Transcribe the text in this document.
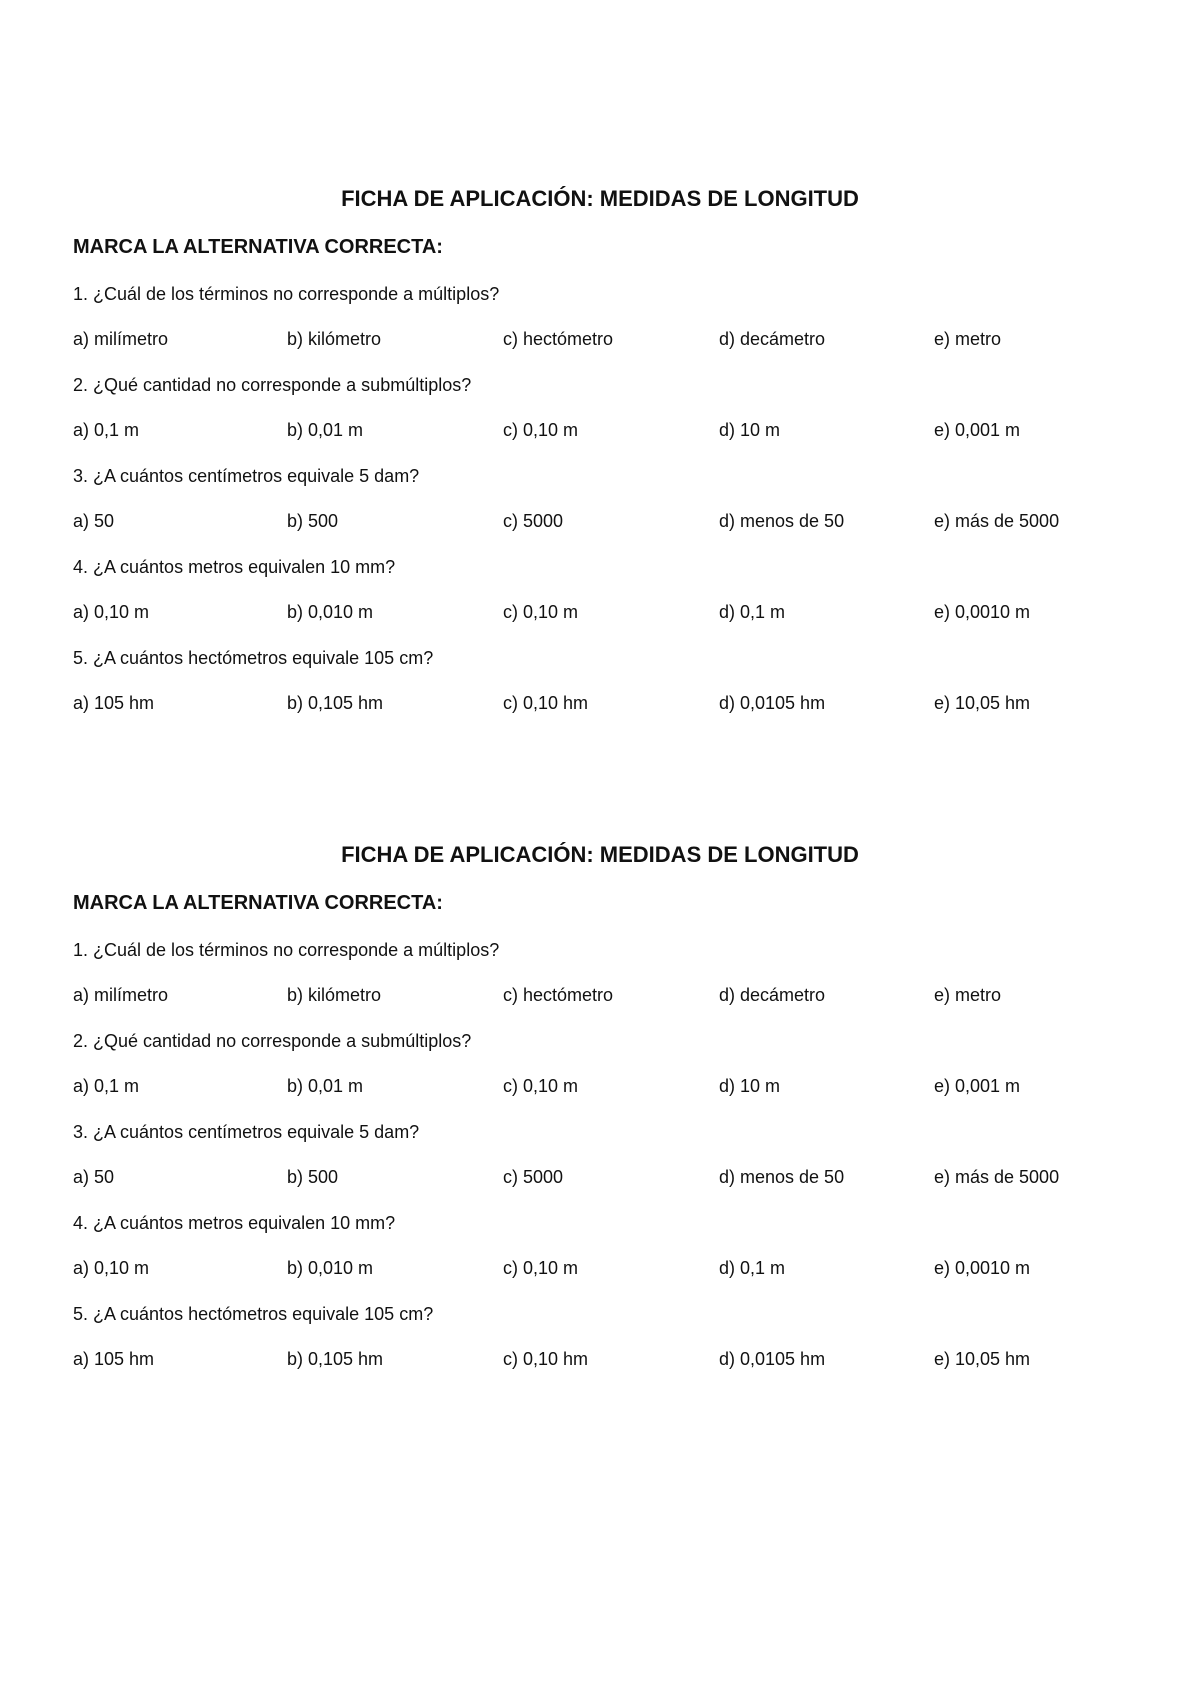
FICHA DE APLICACIÓN: MEDIDAS DE LONGITUD
MARCA LA ALTERNATIVA CORRECTA:
1. ¿Cuál de los términos no corresponde a múltiplos?
a) milímetro	b) kilómetro	c) hectómetro	d) decámetro	e) metro
2. ¿Qué cantidad no corresponde a submúltiplos?
a) 0,1 m	b) 0,01 m	c) 0,10 m	d) 10 m	e) 0,001 m
3. ¿A cuántos centímetros equivale 5 dam?
a) 50	b) 500	c) 5000	d) menos de 50	e) más de 5000
4. ¿A cuántos metros equivalen 10 mm?
a) 0,10 m	b) 0,010 m	c) 0,10 m	d) 0,1 m	e) 0,0010 m
5. ¿A cuántos hectómetros equivale 105 cm?
a) 105 hm	b) 0,105 hm	c) 0,10 hm	d) 0,0105 hm	e) 10,05 hm
FICHA DE APLICACIÓN: MEDIDAS DE LONGITUD
MARCA LA ALTERNATIVA CORRECTA:
1. ¿Cuál de los términos no corresponde a múltiplos?
a) milímetro	b) kilómetro	c) hectómetro	d) decámetro	e) metro
2. ¿Qué cantidad no corresponde a submúltiplos?
a) 0,1 m	b) 0,01 m	c) 0,10 m	d) 10 m	e) 0,001 m
3. ¿A cuántos centímetros equivale 5 dam?
a) 50	b) 500	c) 5000	d) menos de 50	e) más de 5000
4. ¿A cuántos metros equivalen 10 mm?
a) 0,10 m	b) 0,010 m	c) 0,10 m	d) 0,1 m	e) 0,0010 m
5. ¿A cuántos hectómetros equivale 105 cm?
a) 105 hm	b) 0,105 hm	c) 0,10 hm	d) 0,0105 hm	e) 10,05 hm
